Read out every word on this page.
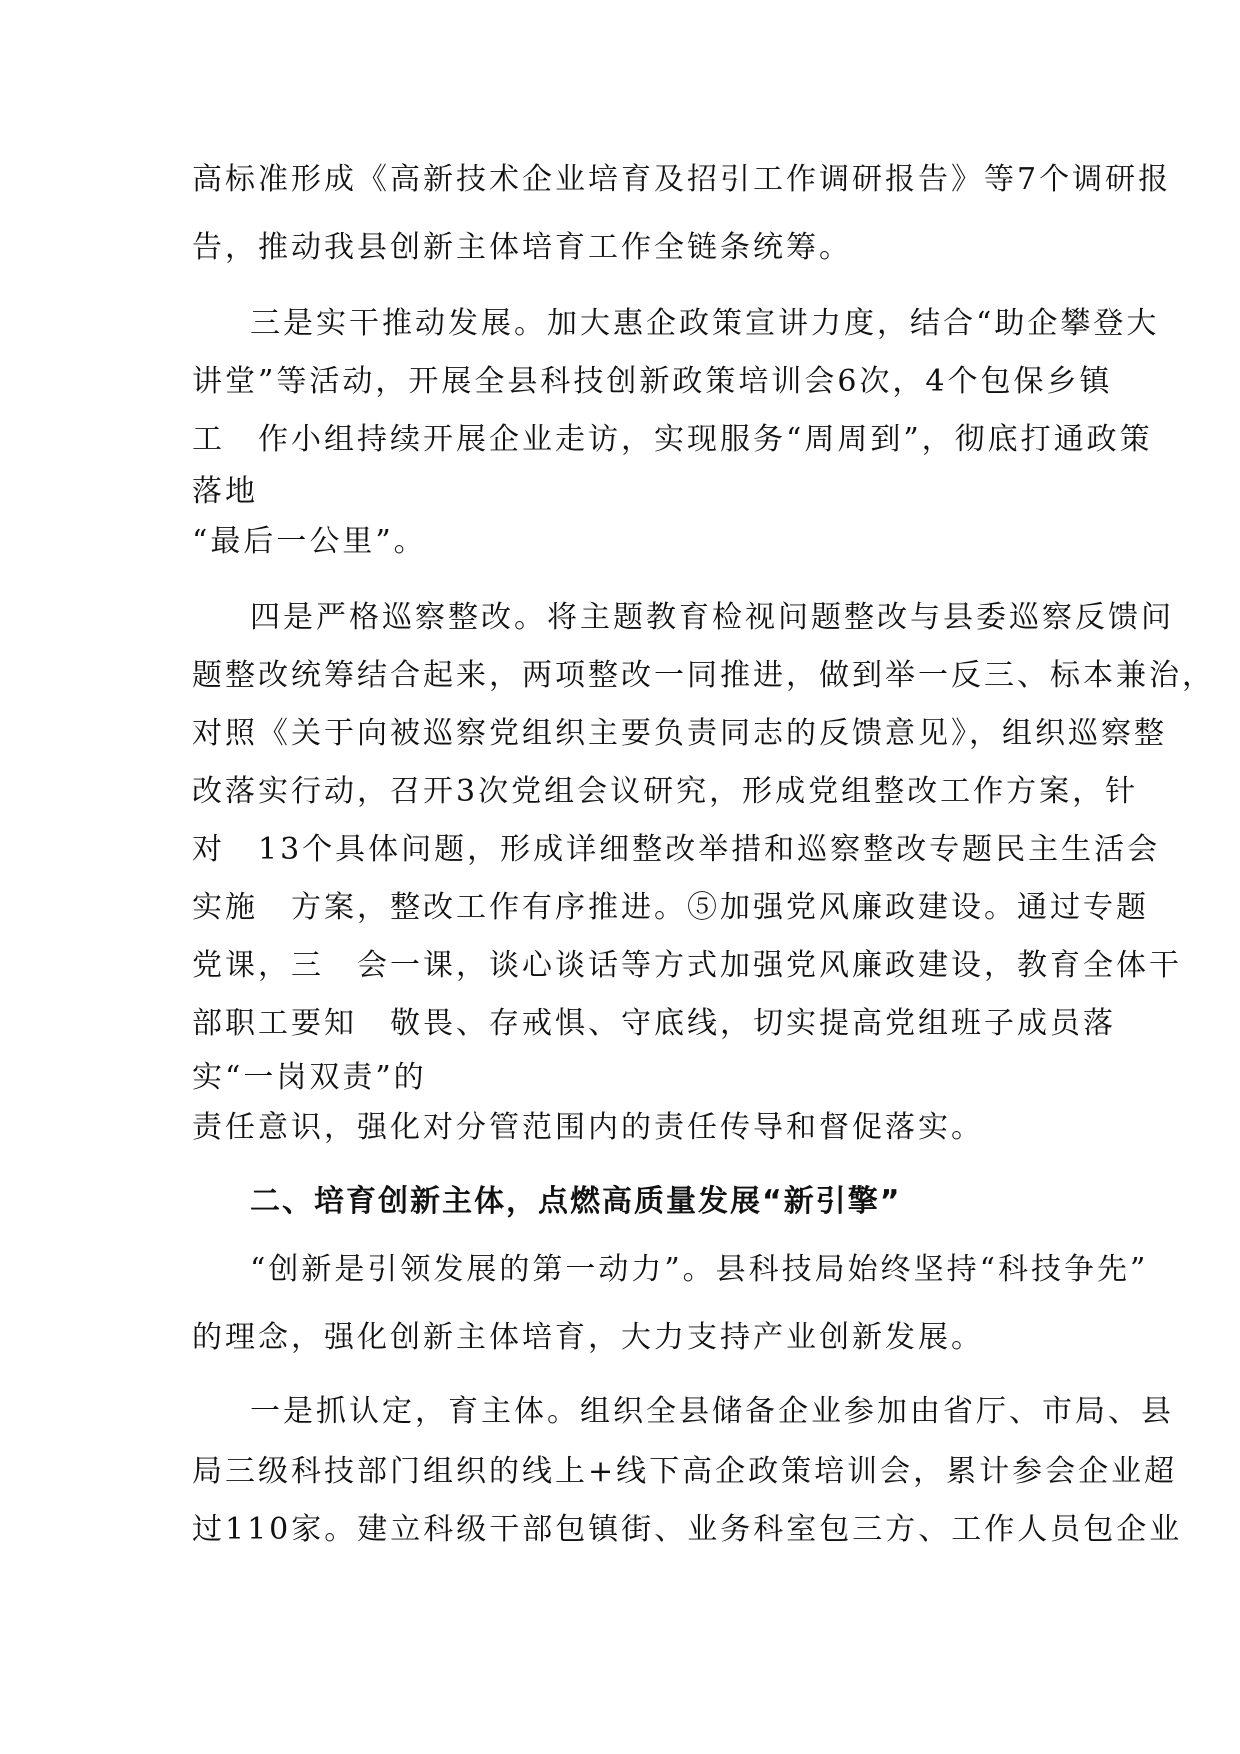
高标准形成《高新技术企业培育及招引工作调研报告》等7个调研报
告，推动我县创新主体培育工作全链条统筹。
三是实干推动发展。加大惠企政策宣讲力度，结合“助企攀登大
讲堂”等活动，开展全县科技创新政策培训会6次，4个包保乡镇
工　作小组持续开展企业走访，实现服务“周周到”，彻底打通政策
落地
“最后一公里”。
四是严格巡察整改。将主题教育检视问题整改与县委巡察反馈问
题整改统筹结合起来，两项整改一同推进，做到举一反三、标本兼治，
对照《关于向被巡察党组织主要负责同志的反馈意见》，组织巡察整
改落实行动，召开3次党组会议研究，形成党组整改工作方案，针
对　13个具体问题，形成详细整改举措和巡察整改专题民主生活会
实施　方案，整改工作有序推进。⑤加强党风廉政建设。通过专题
党课，三　会一课，谈心谈话等方式加强党风廉政建设，教育全体干
部职工要知　敬畏、存戒惧、守底线，切实提高党组班子成员落
实“一岗双责”的
责任意识，强化对分管范围内的责任传导和督促落实。
二、培育创新主体，点燃高质量发展“新引擎”
“创新是引领发展的第一动力”。县科技局始终坚持“科技争先”
的理念，强化创新主体培育，大力支持产业创新发展。
一是抓认定，育主体。组织全县储备企业参加由省厅、市局、县
局三级科技部门组织的线上+线下高企政策培训会，累计参会企业超
过110家。建立科级干部包镇街、业务科室包三方、工作人员包企业
